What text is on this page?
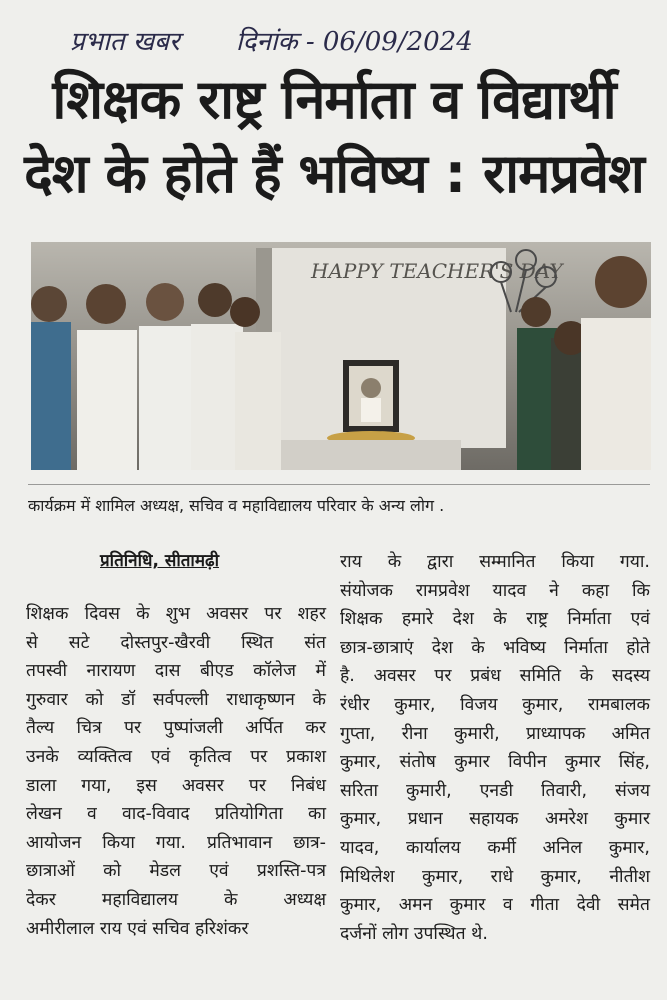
प्रभात खबर दिनांक - 06/09/2024
शिक्षक राष्ट्र निर्माता व विद्यार्थी
देश के होते हैं भविष्य : रामप्रवेश
HAPPY TEACHER'S DAY
कार्यक्रम में शामिल अध्यक्ष, सचिव व महाविद्यालय परिवार के अन्य लोग .
प्रतिनिधि, सीतामढ़ी
शिक्षक दिवस के शुभ अवसर पर शहर
से सटे दोस्तपुर-खैरवी स्थित संत
तपस्वी नारायण दास बीएड कॉलेज में
गुरुवार को डॉ सर्वपल्ली राधाकृष्णन के
तैल्य चित्र पर पुष्पांजली अर्पित कर
उनके व्यक्तित्व एवं कृतित्व पर प्रकाश
डाला गया, इस अवसर पर निबंध
लेखन व वाद-विवाद प्रतियोगिता का
आयोजन किया गया. प्रतिभावान छात्र-
छात्राओं को मेडल एवं प्रशस्ति-पत्र
देकर महाविद्यालय के अध्यक्ष
अमीरीलाल राय एवं सचिव हरिशंकर
राय के द्वारा सम्मानित किया गया.
संयोजक रामप्रवेश यादव ने कहा कि
शिक्षक हमारे देश के राष्ट्र निर्माता एवं
छात्र-छात्राएं देश के भविष्य निर्माता होते
है. अवसर पर प्रबंध समिति के सदस्य
रंधीर कुमार, विजय कुमार, रामबालक
गुप्ता, रीना कुमारी, प्राध्यापक अमित
कुमार, संतोष कुमार विपीन कुमार सिंह,
सरिता कुमारी, एनडी तिवारी, संजय
कुमार, प्रधान सहायक अमरेश कुमार
यादव, कार्यालय कर्मी अनिल कुमार,
मिथिलेश कुमार, राधे कुमार, नीतीश
कुमार, अमन कुमार व गीता देवी समेत
दर्जनों लोग उपस्थित थे.
